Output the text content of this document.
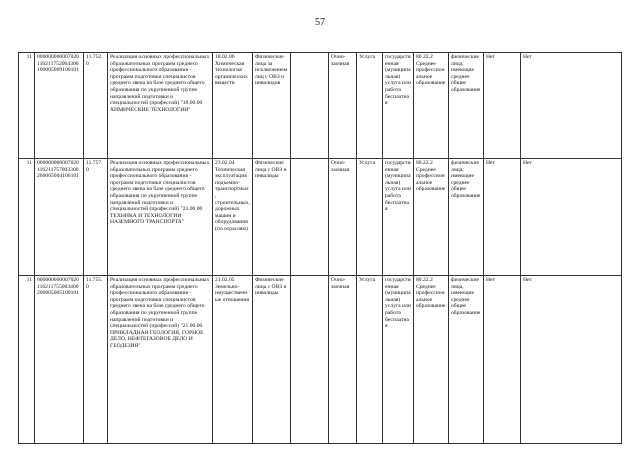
57
11	000000000007020116211752004300100005009100101	11.752.0	Реализация основных профессиональных образовательных программ среднего профессионального образования - программ подготовки специалистов среднего звена на базе среднего общего образования по укрупненной группе направлений подготовки и специальностей (профессий) "18.00.00 ХИМИЧЕСКИЕ ТЕХНОЛОГИИ"	18.02.06 Химическая технология органических веществ	Физические лица за исключением лиц с ОВЗ и инвалидов		Очно-заочная	Услуга	государственная (муниципальная) услуга или работа бесплатная	80.22.2 Среднее профессиональное образование	физические лица, имеющие среднее общее образование	Нет	Нет
11	000000000007020116211757003300200005004100101	11.757.0	Реализация основных профессиональных образовательных программ среднего профессионального образования - программ подготовки специалистов среднего звена на базе среднего общего образования по укрупненной группе направлений подготовки и специальностей (профессий) "23.00.00 ТЕХНИКА И ТЕХНОЛОГИИ НАЗЕМНОГО ТРАНСПОРТА"	23.02.04 Техническая эксплуатация подъемно-транспортных, строительных, дорожных машин и оборудования (по отраслям)	Физические лица с ОВЗ и инвалиды		Очно-заочная	Услуга	государственная (муниципальная) услуга или работа бесплатная	80.22.2 Среднее профессиональное образование	физические лица, имеющие среднее общее образование	Нет	Нет
11	000000000007020116211755003400200005005100101	11.755.0	Реализация основных профессиональных образовательных программ среднего профессионального образования - программ подготовки специалистов среднего звена на базе среднего общего образования по укрупненной группе направлений подготовки и специальностей (профессий) "21.00.00 ПРИКЛАДНАЯ ГЕОЛОГИЯ, ГОРНОЕ ДЕЛО, НЕФТЕГАЗОВОЕ ДЕЛО И ГЕОДЕЗИЯ"	21.02.05 Земельно-имущественные отношения	Физические лица с ОВЗ и инвалиды		Очно-заочная	Услуга	государственная (муниципальная) услуга или работа бесплатная	80.22.2 Среднее профессиональное образование	физические лица, имеющие среднее общее образование	Нет	Нет
